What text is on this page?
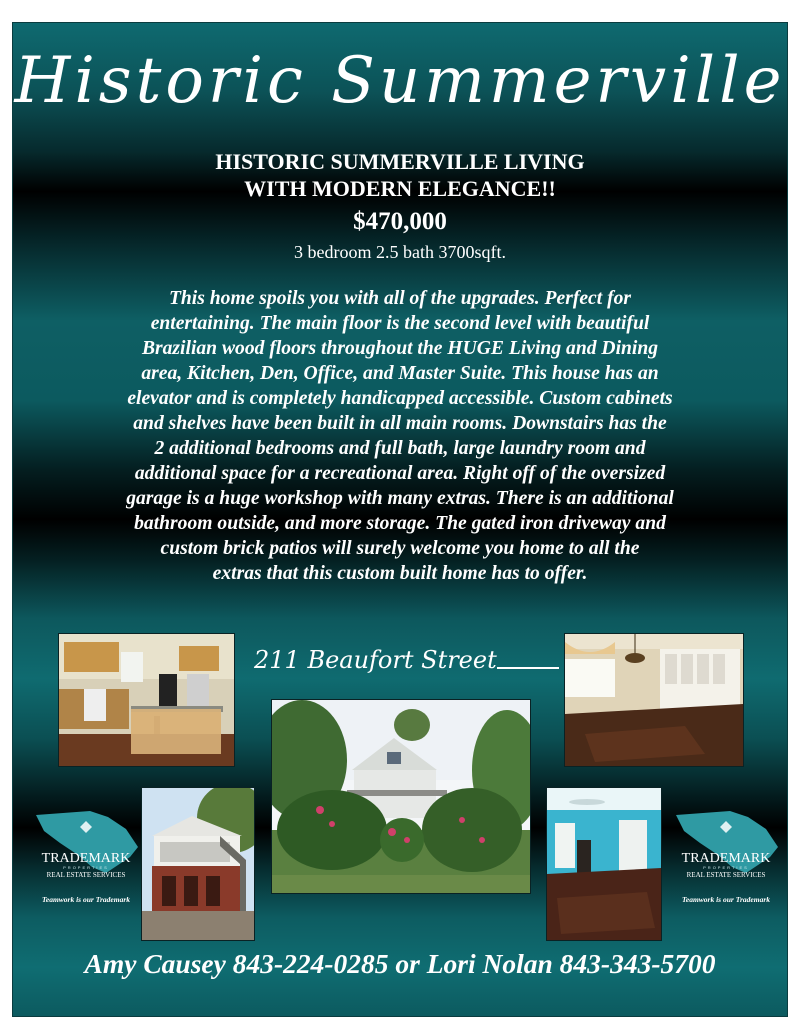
Historic Summerville
HISTORIC SUMMERVILLE LIVING
WITH MODERN ELEGANCE!!
$470,000
3 bedroom 2.5 bath 3700sqft.
This home spoils you with all of the upgrades. Perfect for
entertaining. The main floor is the second level with beautiful
Brazilian wood floors throughout the HUGE Living and Dining
area, Kitchen, Den, Office, and Master Suite. This house has an
elevator and is completely handicapped accessible. Custom cabinets
and shelves have been built in all main rooms. Downstairs has the
2 additional bedrooms and full bath, large laundry room and
additional space for a recreational area. Right off of the oversized
garage is a huge workshop with many extras. There is an additional
bathroom outside, and more storage. The gated iron driveway and
custom brick patios will surely welcome you home to all the
extras that this custom built home has to offer.
211 Beaufort Street
TRADEMARK
PROPERTIES
REAL ESTATE SERVICES
Teamwork is our Trademark
TRADEMARK
PROPERTIES
REAL ESTATE SERVICES
Teamwork is our Trademark
Amy Causey 843-224-0285 or Lori Nolan 843-343-5700
